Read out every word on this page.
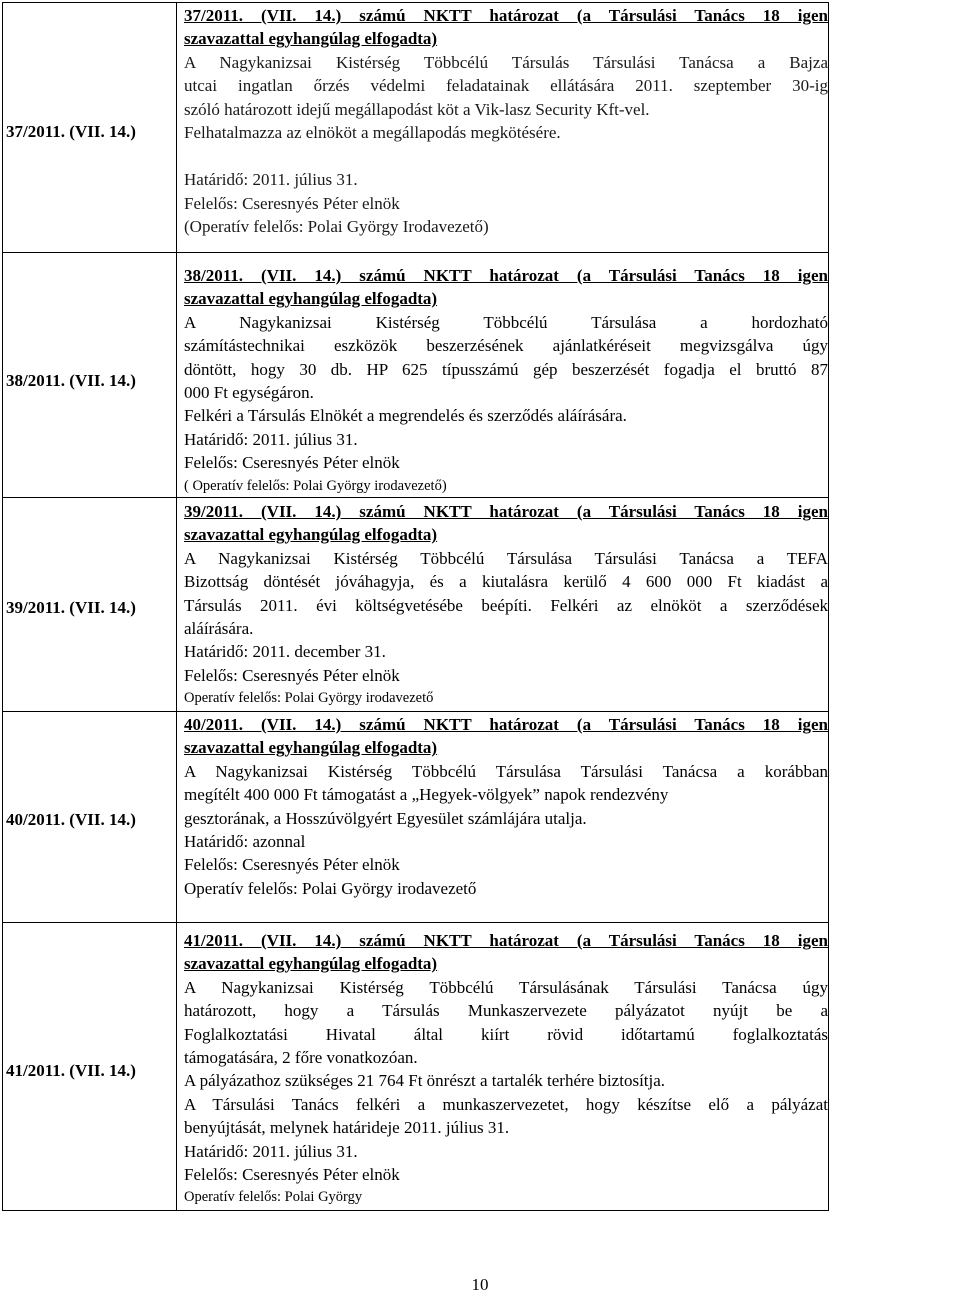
37/2011. (VII. 14.)

37/2011. (VII. 14.) számú NKTT határozat (a Társulási Tanács 18 igen

szavazattal egyhangúlag elfogadta)

A Nagykanizsai Kistérség Többcélú Társulás Társulási Tanácsa a Bajza

utcai ingatlan őrzés védelmi feladatainak ellátására 2011. szeptember 30-ig

szóló határozott idejű megállapodást köt a Vik-lasz Security Kft-vel.

Felhatalmazza az elnököt a megállapodás megkötésére.

Határidő: 2011. július 31.

Felelős: Cseresnyés Péter elnök

(Operatív felelős: Polai György Irodavezető)

38/2011. (VII. 14.)

38/2011. (VII. 14.) számú NKTT határozat (a Társulási Tanács 18 igen

szavazattal egyhangúlag elfogadta)

A Nagykanizsai Kistérség Többcélú Társulása a hordozható

számítástechnikai eszközök beszerzésének ajánlatkéréseit megvizsgálva úgy

döntött, hogy 30 db. HP 625 típusszámú gép beszerzését fogadja el bruttó 87

000 Ft egységáron.

Felkéri a Társulás Elnökét a megrendelés és szerződés aláírására.

Határidő: 2011. július 31.

Felelős: Cseresnyés Péter elnök

( Operatív felelős: Polai György irodavezető)

39/2011. (VII. 14.)

39/2011. (VII. 14.) számú NKTT határozat (a Társulási Tanács 18 igen

szavazattal egyhangúlag elfogadta)

A Nagykanizsai Kistérség Többcélú Társulása Társulási Tanácsa a TEFA

Bizottság döntését jóváhagyja, és a kiutalásra kerülő 4 600 000 Ft kiadást a

Társulás 2011. évi költségvetésébe beépíti. Felkéri az elnököt a szerződések

aláírására.

Határidő: 2011. december 31.

Felelős: Cseresnyés Péter elnök

Operatív felelős: Polai György irodavezető

40/2011. (VII. 14.)

40/2011. (VII. 14.) számú NKTT határozat (a Társulási Tanács 18 igen

szavazattal egyhangúlag elfogadta)

A Nagykanizsai Kistérség Többcélú Társulása Társulási Tanácsa a korábban

megítélt 400 000 Ft támogatást a „Hegyek-völgyek” napok rendezvény

gesztorának, a Hosszúvölgyért Egyesület számlájára utalja.

Határidő: azonnal

Felelős: Cseresnyés Péter elnök

Operatív felelős: Polai György irodavezető

41/2011. (VII. 14.)

41/2011. (VII. 14.) számú NKTT határozat (a Társulási Tanács 18 igen

szavazattal egyhangúlag elfogadta)

A Nagykanizsai Kistérség Többcélú Társulásának Társulási Tanácsa úgy

határozott, hogy a Társulás Munkaszervezete pályázatot nyújt be a

Foglalkoztatási Hivatal által kiírt rövid időtartamú foglalkoztatás

támogatására, 2 főre vonatkozóan.

A pályázathoz szükséges 21 764 Ft önrészt a tartalék terhére biztosítja.

A Társulási Tanács felkéri a munkaszervezetet, hogy készítse elő a pályázat

benyújtását, melynek határideje 2011. július 31.

Határidő: 2011. július 31.

Felelős: Cseresnyés Péter elnök

Operatív felelős: Polai György

10
